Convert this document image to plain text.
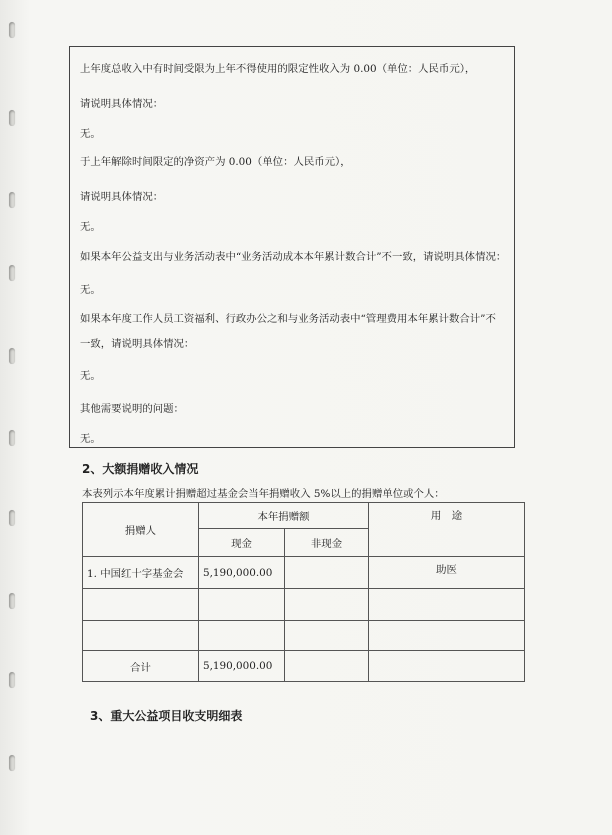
上年度总收入中有时间受限为上年不得使用的限定性收入为 0.00（单位：人民币元），
请说明具体情况：
无。
于上年解除时间限定的净资产为 0.00（单位：人民币元），
请说明具体情况：
无。
如果本年公益支出与业务活动表中“业务活动成本本年累计数合计”不一致，请说明具体情况：
无。
如果本年度工作人员工资福利、行政办公之和与业务活动表中“管理费用本年累计数合计”不
一致，请说明具体情况：
无。
其他需要说明的问题：
无。
2、大额捐赠收入情况
本表列示本年度累计捐赠超过基金会当年捐赠收入 5%以上的捐赠单位或个人：
捐赠人	本年捐赠额		用　途
	现金	非现金	
1. 中国红十字基金会	5,190,000.00		助医

合计	5,190,000.00		
3、重大公益项目收支明细表
